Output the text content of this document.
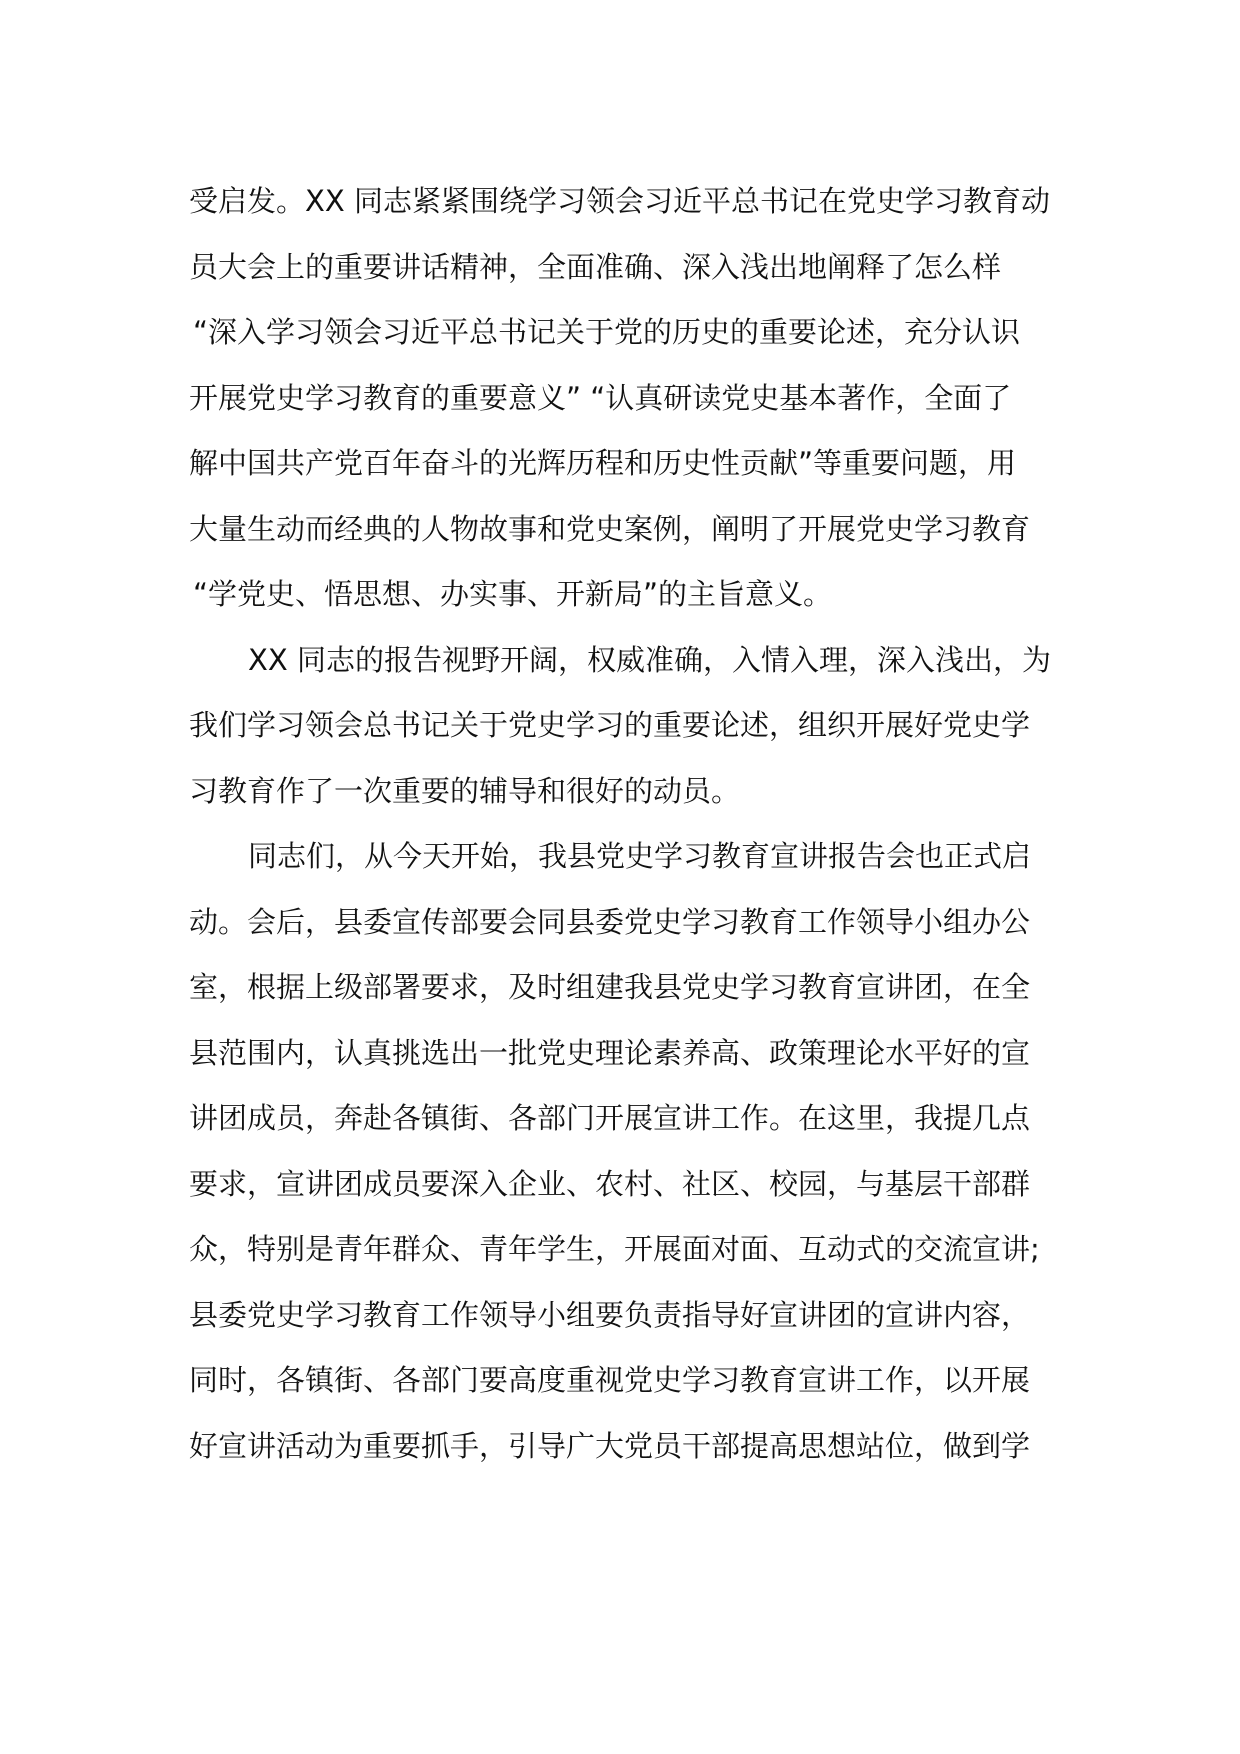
受启发。XX 同志紧紧围绕学习领会习近平总书记在党史学习教育动
员大会上的重要讲话精神，全面准确、深入浅出地阐释了怎么样
“深入学习领会习近平总书记关于党的历史的重要论述，充分认识
开展党史学习教育的重要意义” “认真研读党史基本著作，全面了
解中国共产党百年奋斗的光辉历程和历史性贡献”等重要问题，用
大量生动而经典的人物故事和党史案例，阐明了开展党史学习教育
“学党史、悟思想、办实事、开新局”的主旨意义。
XX 同志的报告视野开阔，权威准确，入情入理，深入浅出，为
我们学习领会总书记关于党史学习的重要论述，组织开展好党史学
习教育作了一次重要的辅导和很好的动员。
同志们，从今天开始，我县党史学习教育宣讲报告会也正式启
动。会后，县委宣传部要会同县委党史学习教育工作领导小组办公
室，根据上级部署要求，及时组建我县党史学习教育宣讲团，在全
县范围内，认真挑选出一批党史理论素养高、政策理论水平好的宣
讲团成员，奔赴各镇街、各部门开展宣讲工作。在这里，我提几点
要求，宣讲团成员要深入企业、农村、社区、校园，与基层干部群
众，特别是青年群众、青年学生，开展面对面、互动式的交流宣讲;
县委党史学习教育工作领导小组要负责指导好宣讲团的宣讲内容，
同时，各镇街、各部门要高度重视党史学习教育宣讲工作，以开展
好宣讲活动为重要抓手，引导广大党员干部提高思想站位，做到学
